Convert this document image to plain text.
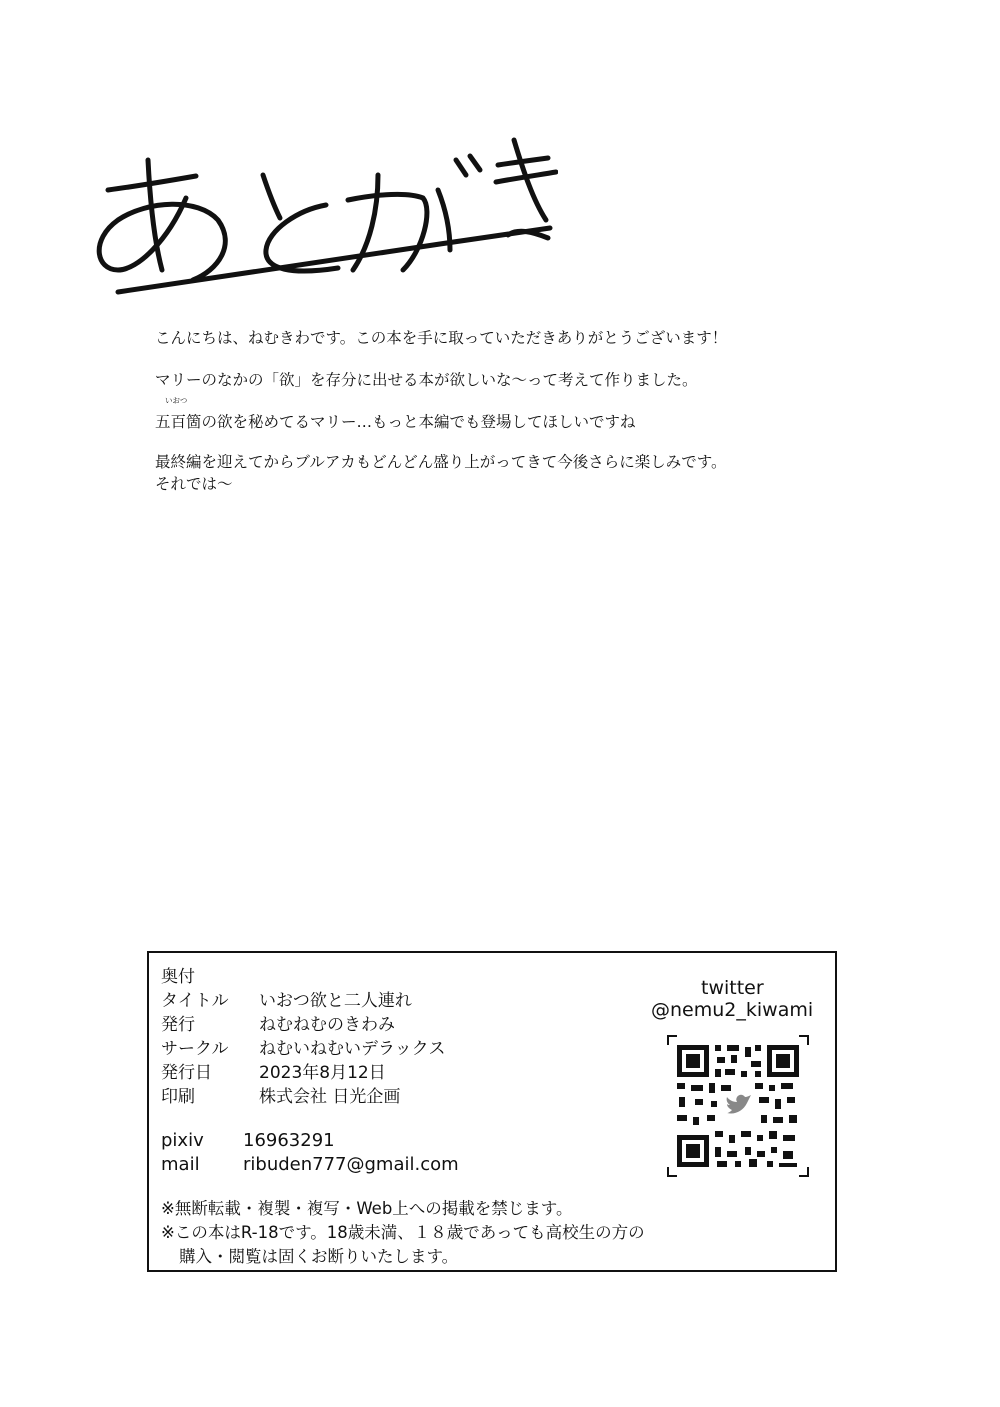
こんにちは、ねむきわです。この本を手に取っていただきありがとうございます！

マリーのなかの「欲」を存分に出せる本が欲しいな〜って考えて作りました。

いおつ

五百箇の欲を秘めてるマリー…もっと本編でも登場してほしいですね

最終編を迎えてからブルアカもどんどん盛り上がってきて今後さらに楽しみです。

それでは〜

奥付
タイトル いおつ欲と二人連れ
発行	ねむねむのきわみ
サークル ねむいねむいデラックス
発行日	2023年8月12日
印刷	株式会社 日光企画
pixiv 16963291
mail ribuden777@gmail.com
※無断転載・複製・複写・Web上への掲載を禁じます。
※この本はR-18です。18歳未満、１８歳であっても高校生の方の
購入・閲覧は固くお断りいたします。
twitter
@nemu2_kiwami
